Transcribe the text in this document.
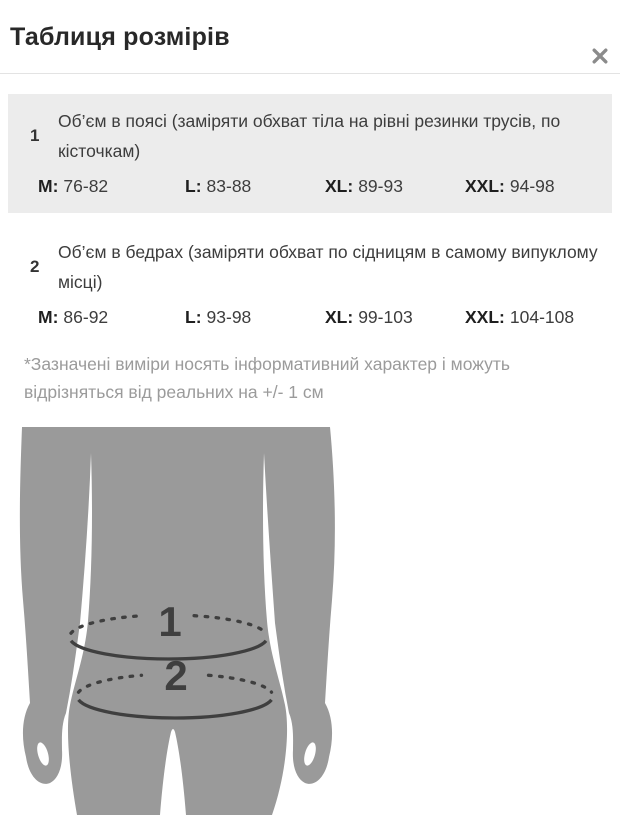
Таблиця розмірів
1

Об’єм в поясі (заміряти обхват тіла на рівні резинки трусів, по кісточкам)

M: 76-82	L: 83-88	XL: 89-93	XXL: 94-98
2

Об’єм в бедрах (заміряти обхват по сідницям в самому випуклому місці)

M: 86-92	L: 93-98	XL: 99-103	XXL: 104-108

*Зазначені виміри носять інформативний характер і можуть відрізняться від реальних на +/- 1 см

1
2
